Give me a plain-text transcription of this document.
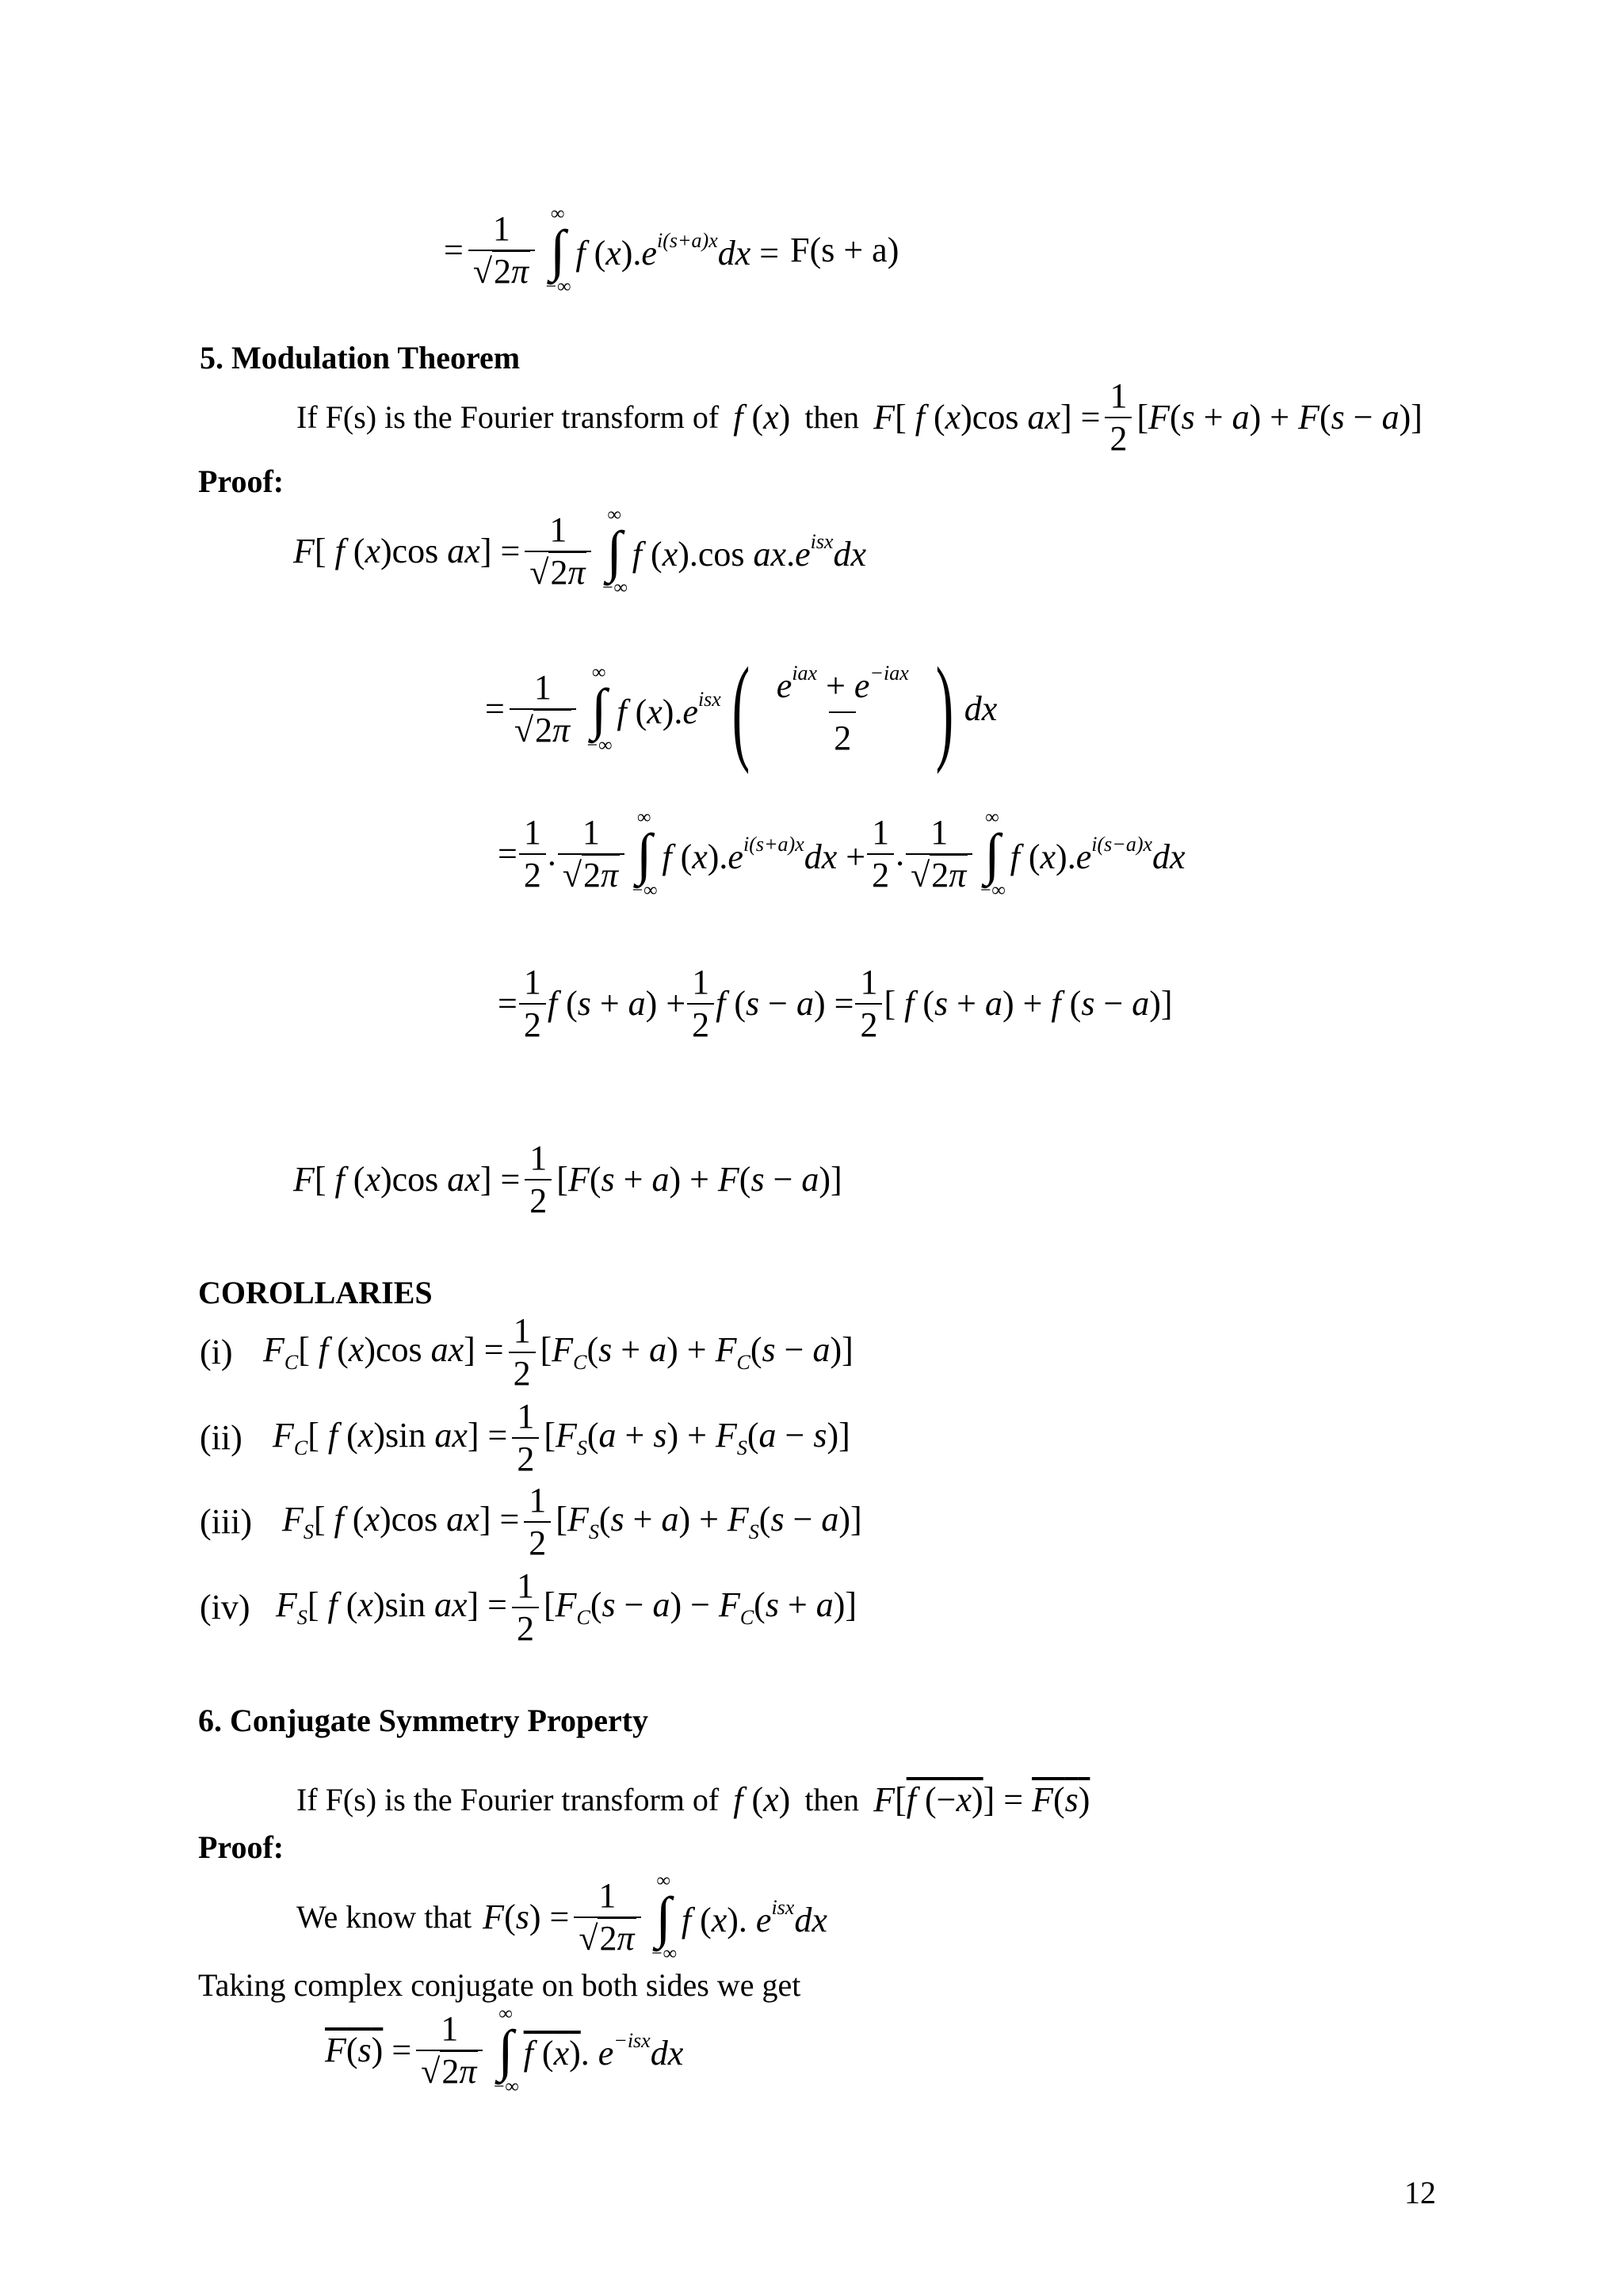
= $\frac{1}{√2\pi}$ ∞
∫
−∞
f $(x).e^{i(s+a)x}dx = F(s + a)$
5. Modulation Theorem
If F(s) is the Fourier transform of f (x) then F[ f (x)cos $ax] = \frac{1}{2} [F(s + a) + F(s - a)]$
Proof:
F[ f (x)cos $ax] = \frac{1}{√2\pi}$ ∞
∫
−∞
f (x).cos $ax.e^{isx}dx$
= $\frac{1}{√2\pi}$ ∞
∫
−∞
f $(x).e^{isx}$ ( $\frac{e^{iax} + e^{-iax}}{2}$ ) dx
= $\frac{1}{2}$ . $\frac{1}{√2\pi}$ ∞
∫
−∞
f $(x).e^{i(s+a)x}dx + \frac{1}{2}$ . $\frac{1}{√2\pi}$ ∞
∫
−∞
f $(x).e^{i(s-a)x}dx$
= $\frac{1}{2}$ f $(s + a) + \frac{1}{2}$ f $(s - a) = \frac{1}{2}$ [ f (s + a) + f (s − a)]
F[ f (x)cos $ax] = \frac{1}{2} [F(s + a) + F(s - a)]$
COROLLARIES
(i) $F_C$[ f (x)cos $ax] = \frac{1}{2} [F_C(s + a) + F_C(s - a)]$
(ii) $F_C$[ f (x)sin $ax] = \frac{1}{2} [F_S(a + s) + F_S(a - s)]$
(iii) $F_S$[ f (x)cos $ax] = \frac{1}{2} [F_S(s + a) + F_S(s - a)]$
(iv) $F_S$[ f (x)sin $ax] = \frac{1}{2} [F_C(s - a) - F_C(s + a)]$
6. Conjugate Symmetry Property
If F(s) is the Fourier transform of f (x) then F[f (−x)] = F(s)
Proof:
We know that $F(s) = \frac{1}{√2\pi}$ ∞
∫
−∞
f (x). $e^{isx}dx$
Taking complex conjugate on both sides we get
$F(s) = \frac{1}{√2\pi}$ ∞
∫
−∞
f (x). $e^{-isx}dx$
12
